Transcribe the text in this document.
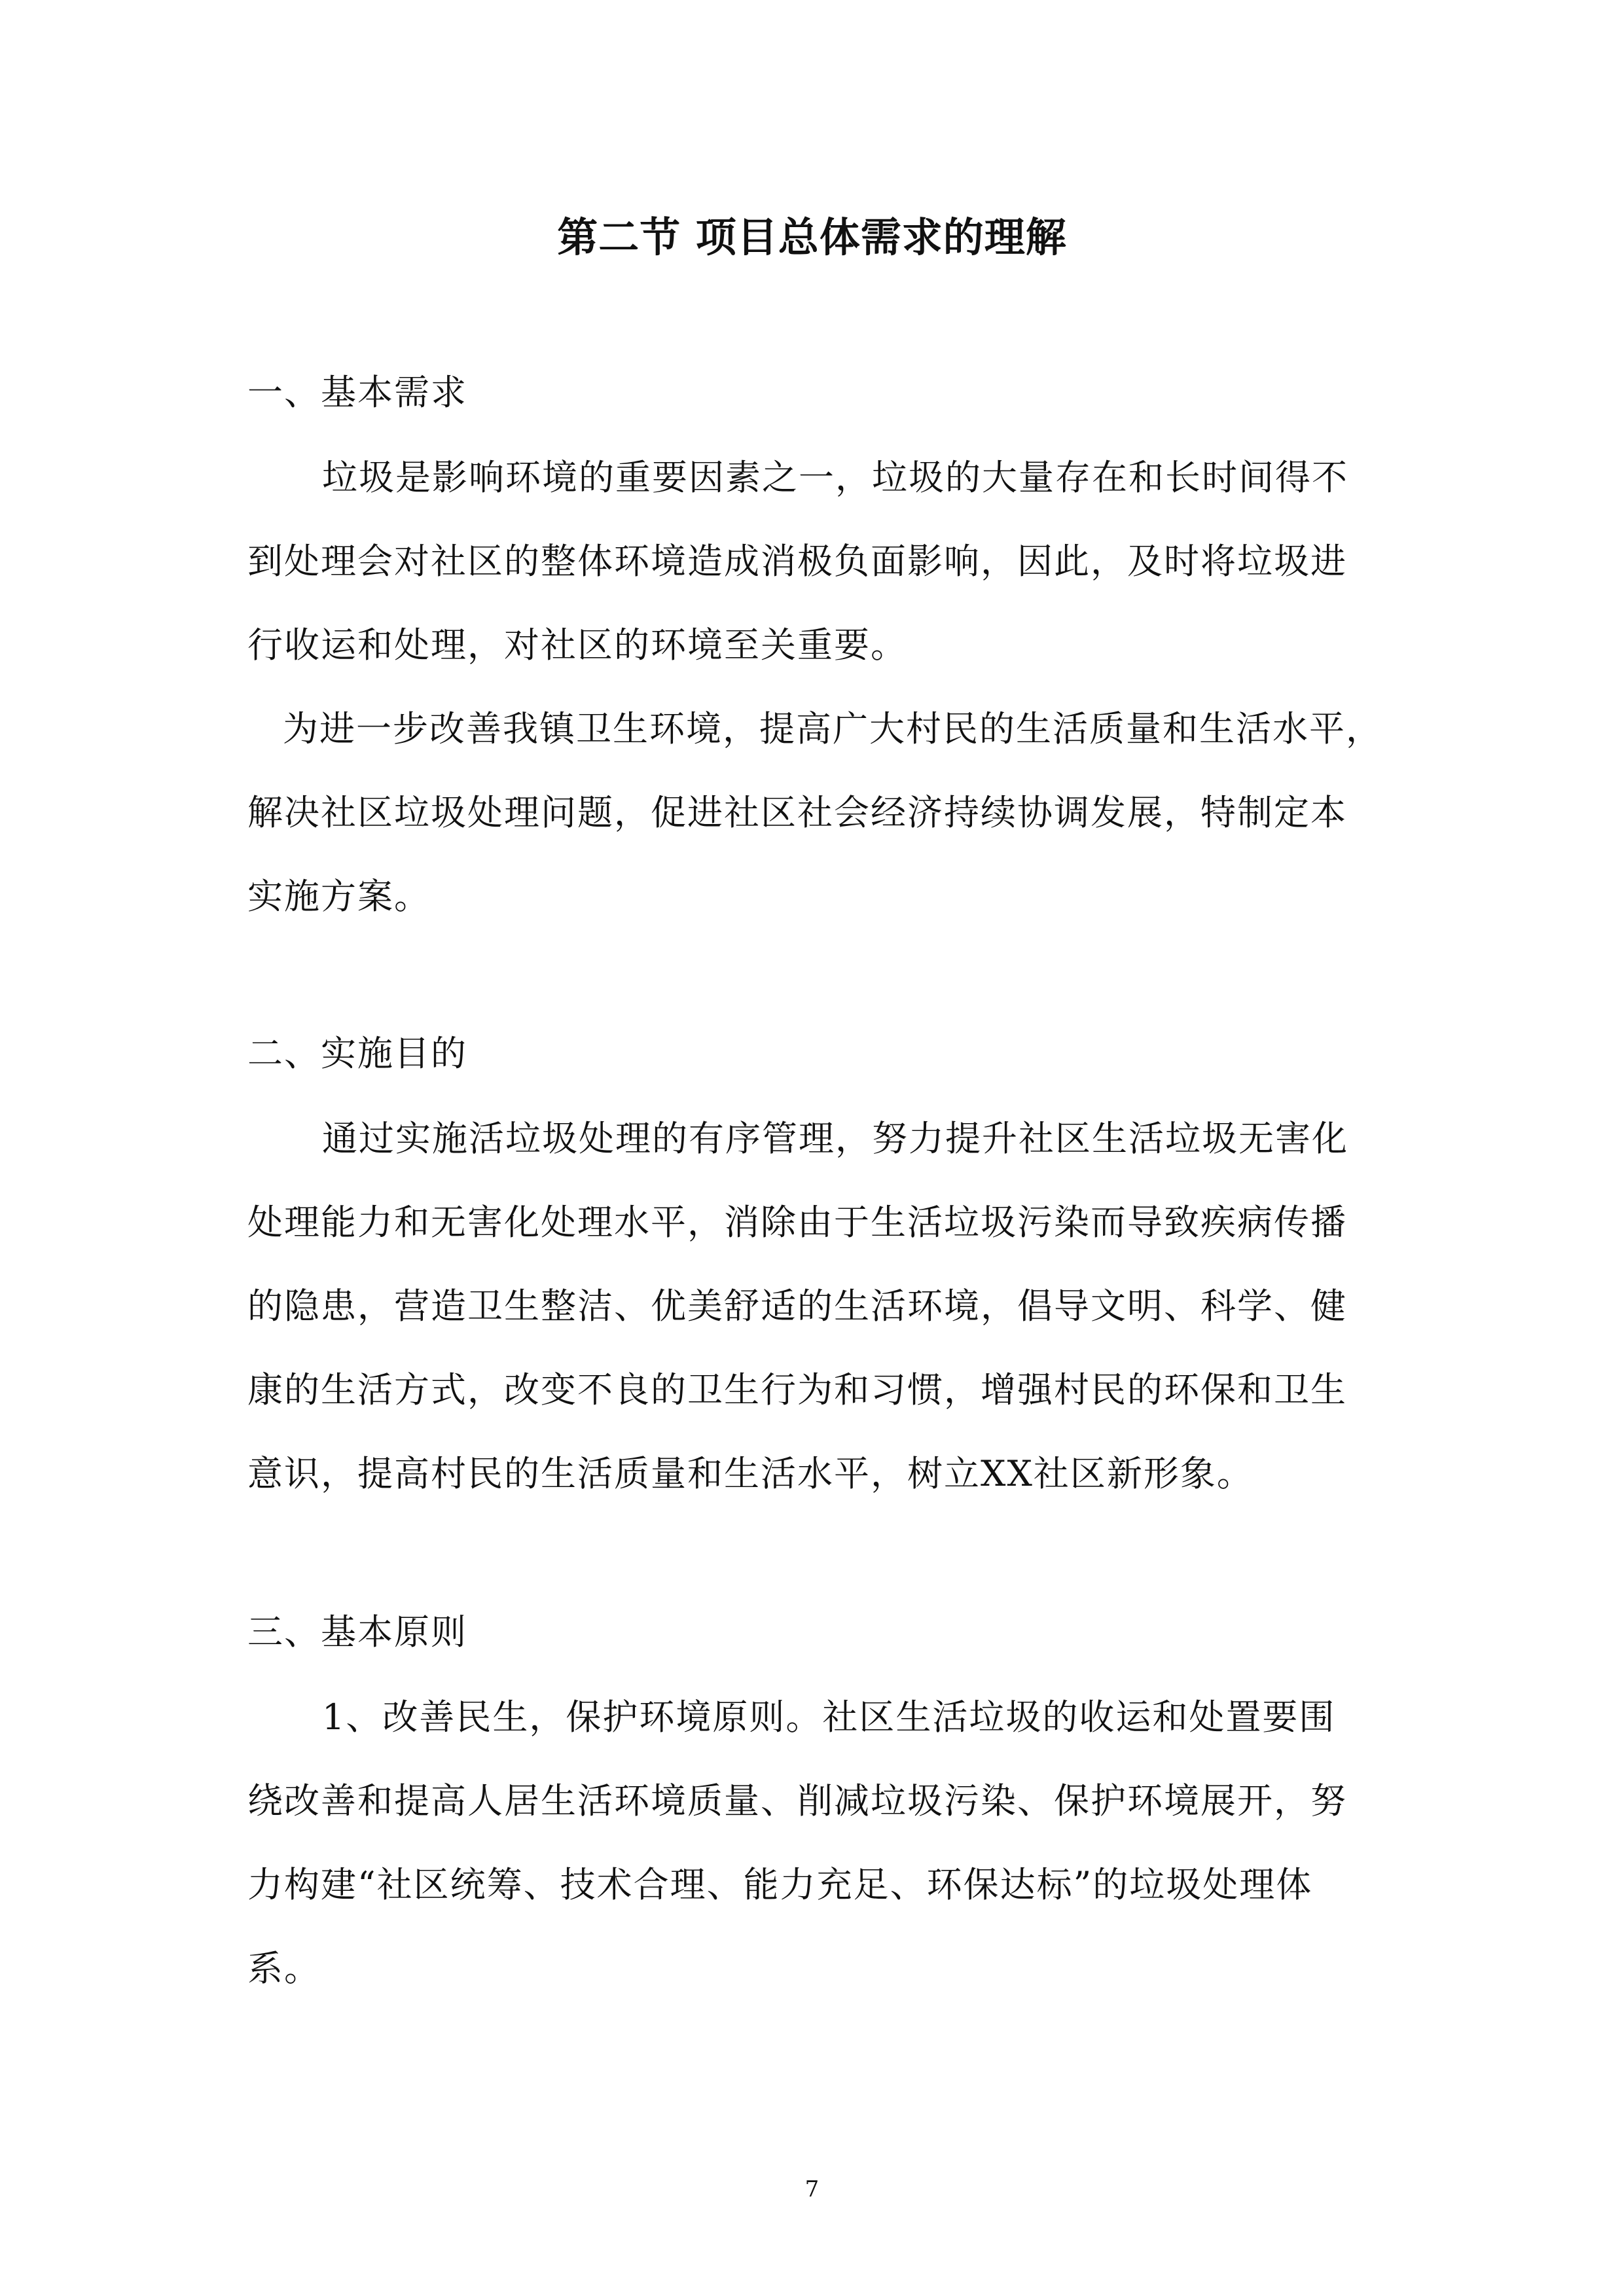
第二节 项目总体需求的理解
一、基本需求
垃圾是影响环境的重要因素之一，垃圾的大量存在和长时间得不
到处理会对社区的整体环境造成消极负面影响，因此，及时将垃圾进
行收运和处理，对社区的环境至关重要。
为进一步改善我镇卫生环境，提高广大村民的生活质量和生活水平，
解决社区垃圾处理问题，促进社区社会经济持续协调发展，特制定本
实施方案。
二、实施目的
通过实施活垃圾处理的有序管理，努力提升社区生活垃圾无害化
处理能力和无害化处理水平，消除由于生活垃圾污染而导致疾病传播
的隐患，营造卫生整洁、优美舒适的生活环境，倡导文明、科学、健
康的生活方式，改变不良的卫生行为和习惯，增强村民的环保和卫生
意识，提高村民的生活质量和生活水平，树立XX社区新形象。
三、基本原则
1、改善民生，保护环境原则。社区生活垃圾的收运和处置要围
绕改善和提高人居生活环境质量、削减垃圾污染、保护环境展开，努
力构建“社区统筹、技术合理、能力充足、环保达标”的垃圾处理体
系。
7
